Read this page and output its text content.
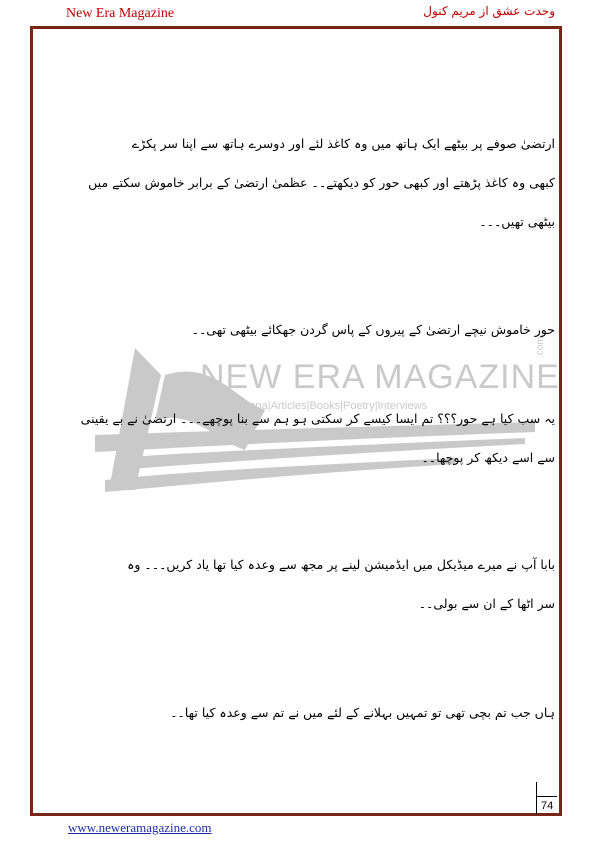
New Era Magazine	وحدت عشق از مریم کنول
NEW ERA MAGAZINE
Novels|Afsana|Articles|Books|Poetry|Interviews
.com

ارتضیٰ صوفے پر بیٹھے ایک ہاتھ میں وہ کاغذ لئے اور دوسرے ہاتھ سے اپنا سر پکڑے

کبھی وہ کاغذ پڑھتے اور کبھی حور کو دیکھتے۔۔ عظمیٰ ارتضیٰ کے برابر خاموش سکتے میں

بیٹھی تھیں۔۔۔

حور خاموش نیچے ارتضیٰ کے پیروں کے پاس گردن جھکائے بیٹھی تھی۔۔

یہ سب کیا ہے حور؟؟؟ تم ایسا کیسے کر سکتی ہو ہم سے بنا پوچھے۔۔۔ ارتضیٰ نے بے یقینی

سے اسے دیکھ کر پوچھا۔۔

بابا آپ نے میرے میڈیکل میں ایڈمیشن لینے پر مجھ سے وعدہ کیا تھا یاد کریں۔۔۔ وہ

سر اٹھا کے ان سے بولی۔۔

ہاں جب تم بچی تھی تو تمہیں بہلانے کے لئے میں نے تم سے وعدہ کیا تھا۔۔

74
www.neweramagazine.com
